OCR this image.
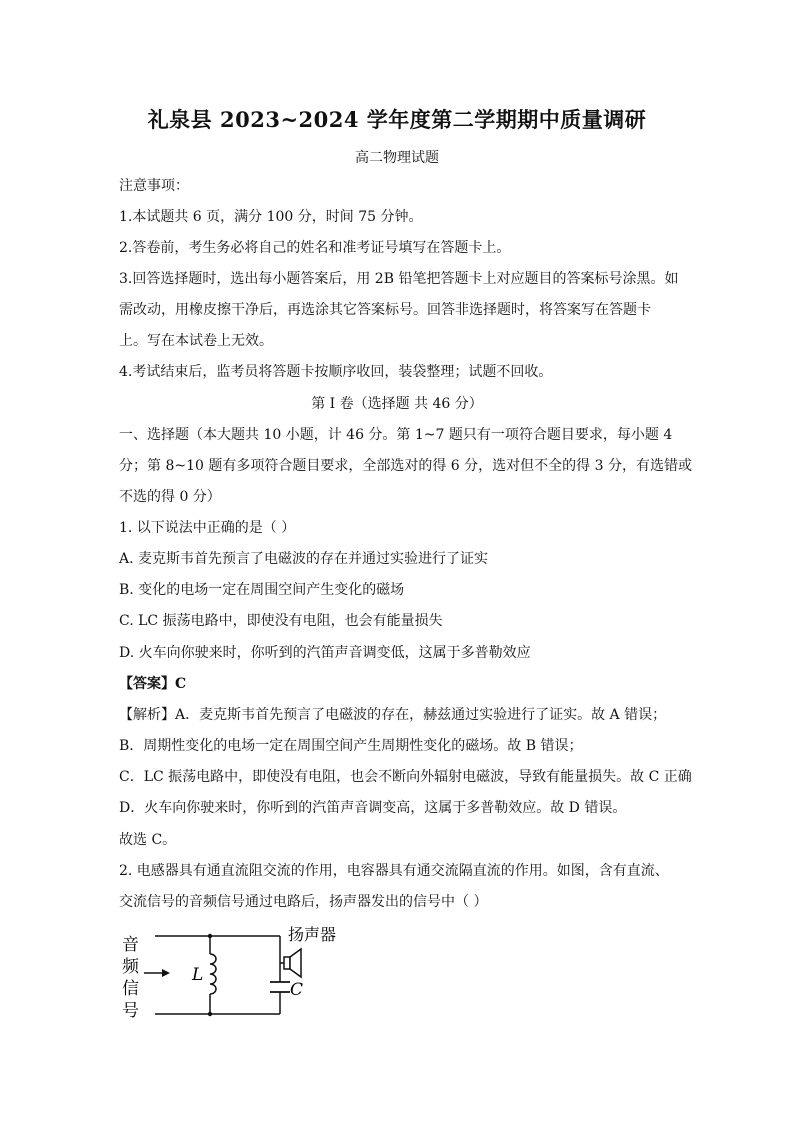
礼泉县 2023~2024 学年度第二学期期中质量调研
高二物理试题
注意事项：
1.本试题共 6 页，满分 100 分，时间 75 分钟。
2.答卷前，考生务必将自己的姓名和准考证号填写在答题卡上。
3.回答选择题时，选出每小题答案后，用 2B 铅笔把答题卡上对应题目的答案标号涂黑。如
需改动，用橡皮擦干净后，再选涂其它答案标号。回答非选择题时，将答案写在答题卡
上。写在本试卷上无效。
4.考试结束后，监考员将答题卡按顺序收回，装袋整理；试题不回收。
第 I 卷（选择题 共 46 分）
一、选择题（本大题共 10 小题，计 46 分。第 1~7 题只有一项符合题目要求，每小题 4
分；第 8~10 题有多项符合题目要求，全部选对的得 6 分，选对但不全的得 3 分，有选错或
不选的得 0 分）
1. 以下说法中正确的是（ ）
A. 麦克斯韦首先预言了电磁波的存在并通过实验进行了证实
B. 变化的电场一定在周围空间产生变化的磁场
C. LC 振荡电路中，即使没有电阻，也会有能量损失
D. 火车向你驶来时，你听到的汽笛声音调变低，这属于多普勒效应
【答案】C
【解析】A．麦克斯韦首先预言了电磁波的存在，赫兹通过实验进行了证实。故 A 错误；
B．周期性变化的电场一定在周围空间产生周期性变化的磁场。故 B 错误；
C．LC 振荡电路中，即使没有电阻，也会不断向外辐射电磁波，导致有能量损失。故 C 正确
D．火车向你驶来时，你听到的汽笛声音调变高，这属于多普勒效应。故 D 错误。
故选 C。
2. 电感器具有通直流阻交流的作用，电容器具有通交流隔直流的作用。如图，含有直流、
交流信号的音频信号通过电路后，扬声器发出的信号中（ ）
音
频
信
号
L
扬声器
C
